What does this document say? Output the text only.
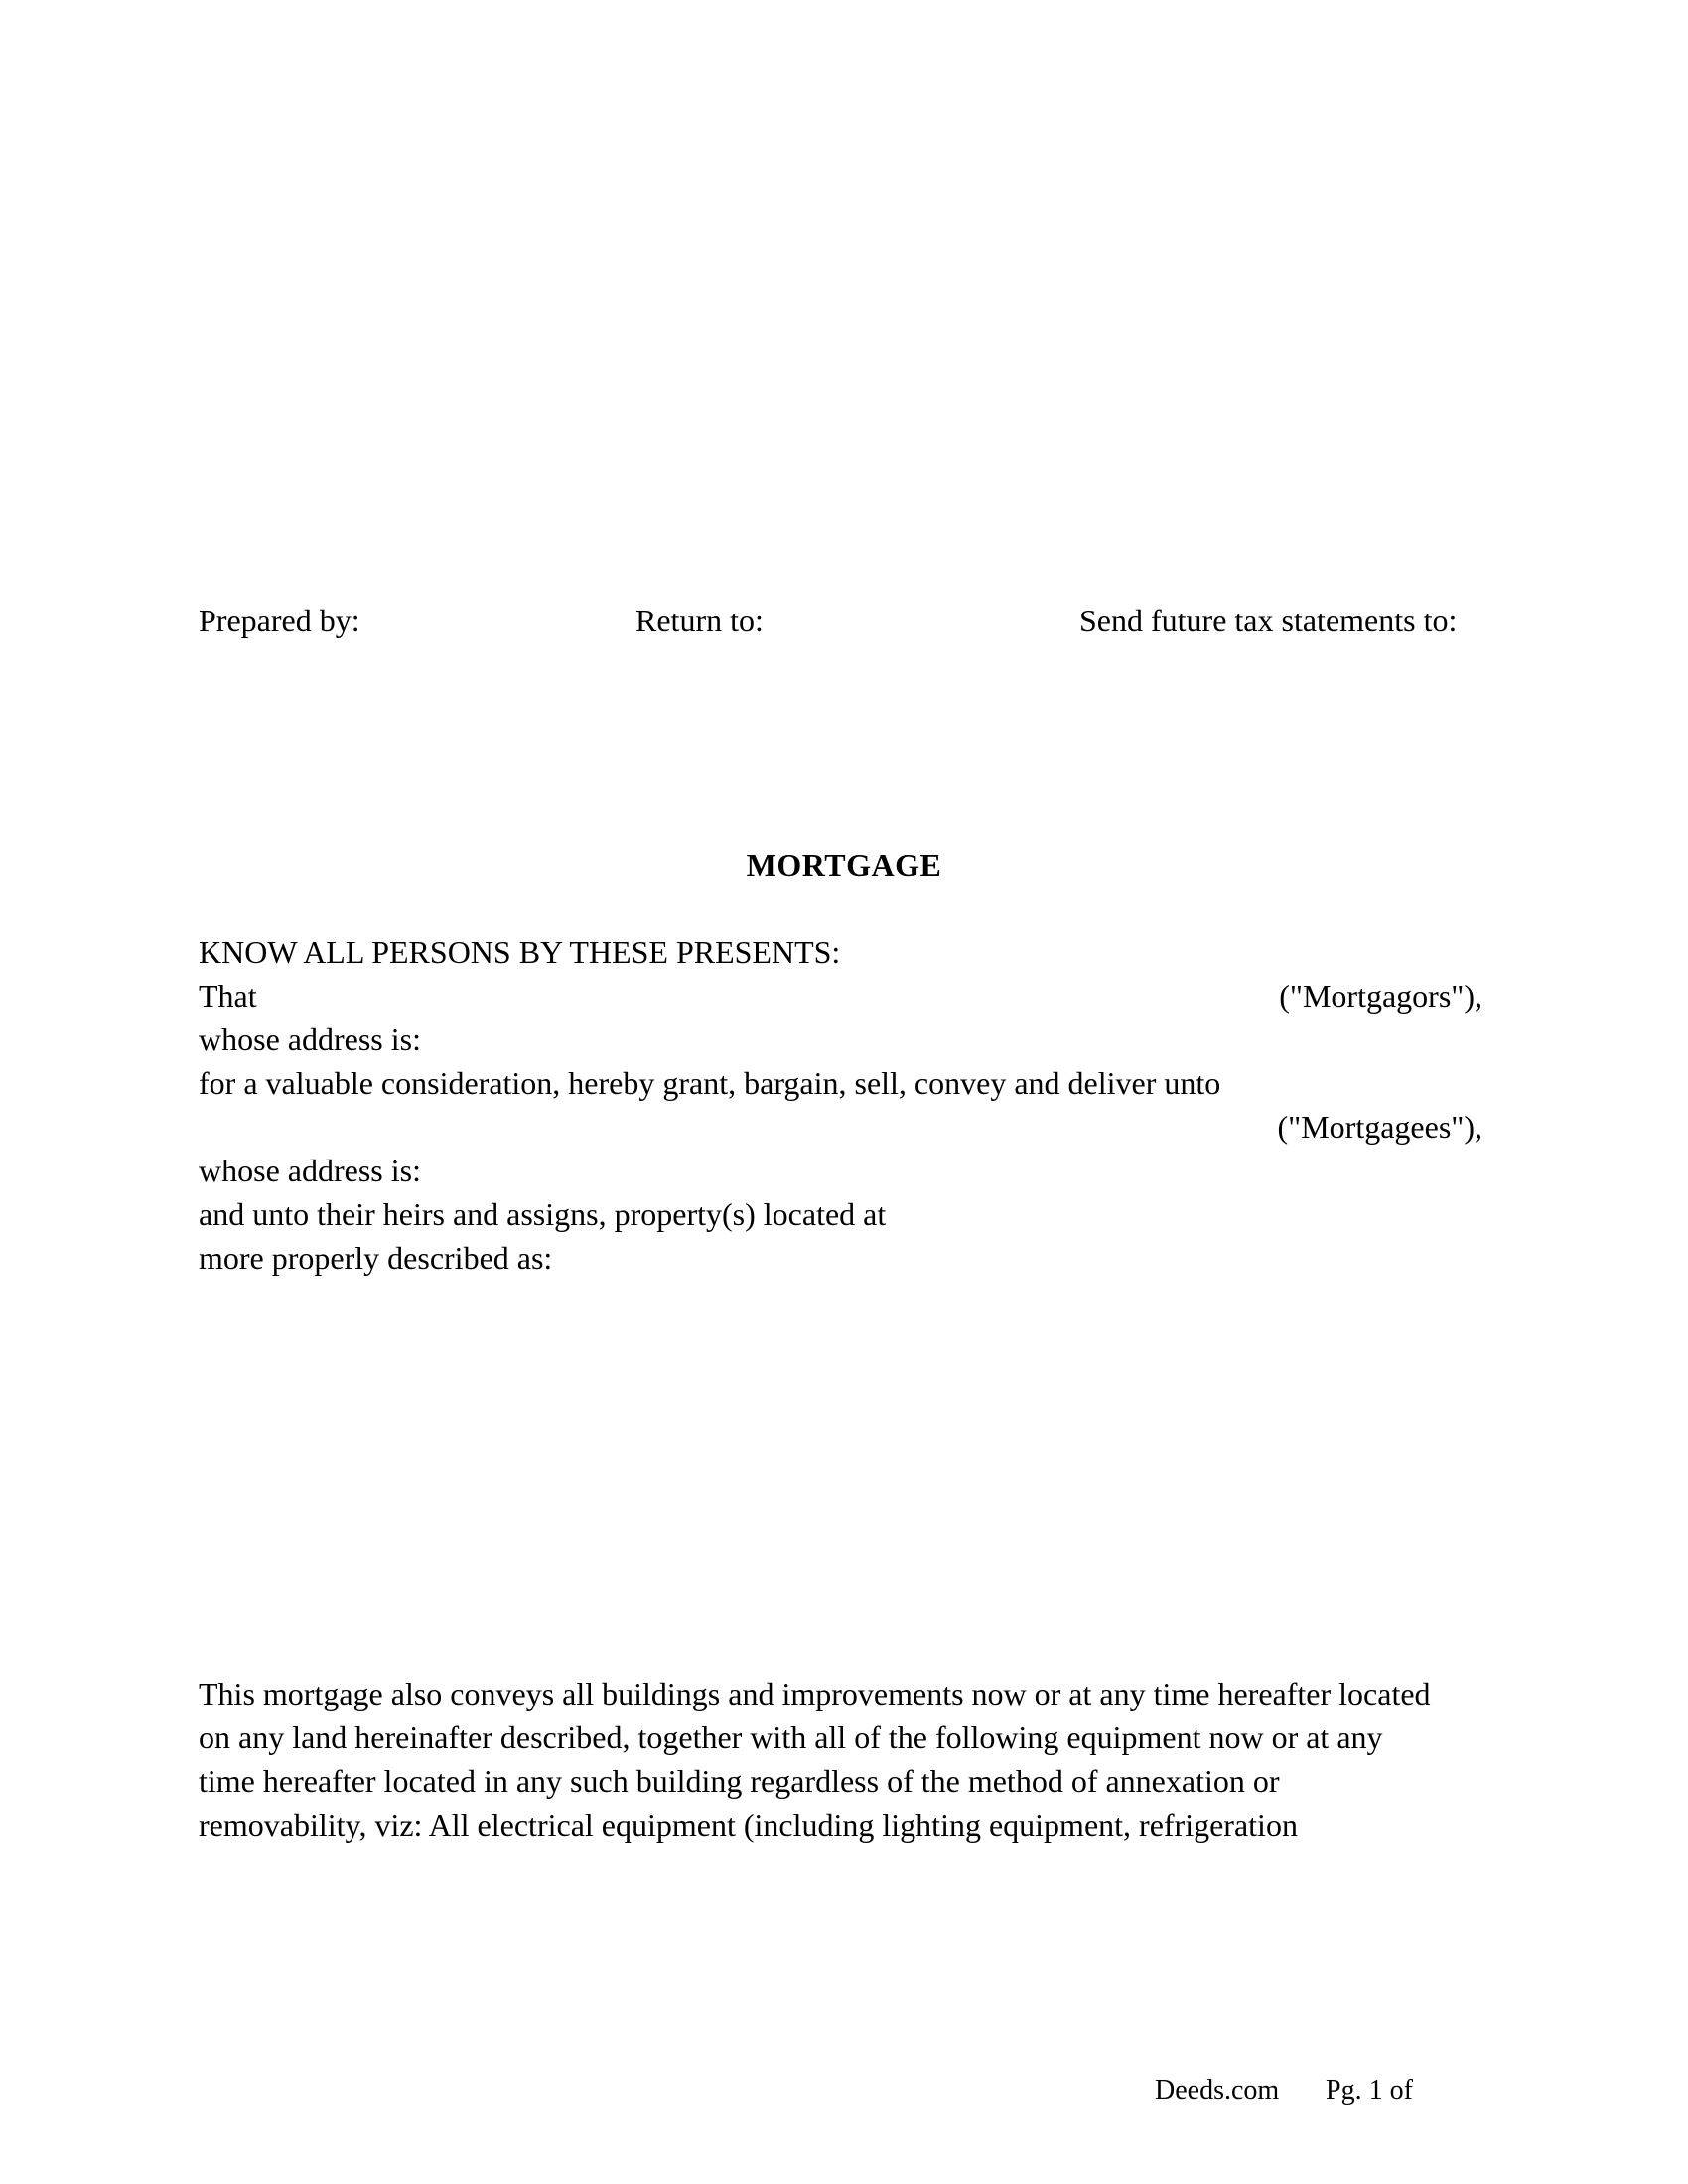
Prepared by:	Return to:	Send future tax statements to:
MORTGAGE
KNOW ALL PERSONS BY THESE PRESENTS:
That	("Mortgagors"),
whose address is:
for a valuable consideration, hereby grant, bargain, sell, convey and deliver unto
("Mortgagees"),
whose address is:
and unto their heirs and assigns, property(s) located at
more properly described as:
This mortgage also conveys all buildings and improvements now or at any time hereafter located
on any land hereinafter described, together with all of the following equipment now or at any
time hereafter located in any such building regardless of the method of annexation or
removability, viz: All electrical equipment (including lighting equipment, refrigeration
Deeds.com Pg. 1 of
